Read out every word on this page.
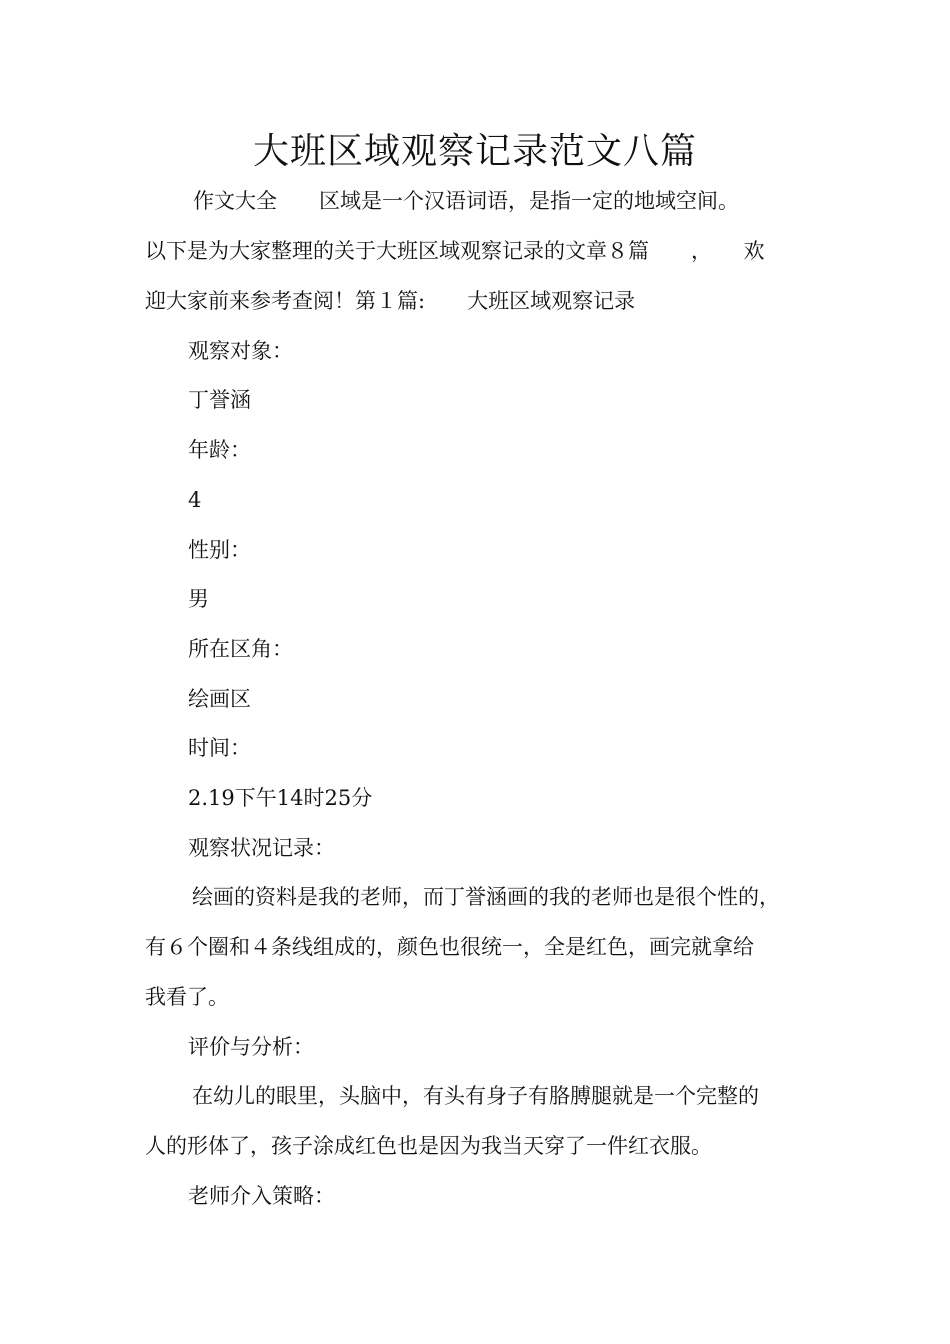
大班区域观察记录范文八篇

作文大全　　区域是一个汉语词语，是指一定的地域空间。

以下是为大家整理的关于大班区域观察记录的文章８篇　　，　　欢

迎大家前来参考查阅！第１篇:　　大班区域观察记录

观察对象：

丁誉涵

年龄：

4

性别：

男

所在区角：

绘画区

时间：

2.19下午14时25分

观察状况记录：

绘画的资料是我的老师，而丁誉涵画的我的老师也是很个性的，

有６个圈和４条线组成的，颜色也很统一，全是红色，画完就拿给

我看了。

评价与分析：

在幼儿的眼里，头脑中，有头有身子有胳膊腿就是一个完整的

人的形体了，孩子涂成红色也是因为我当天穿了一件红衣服。

老师介入策略：
